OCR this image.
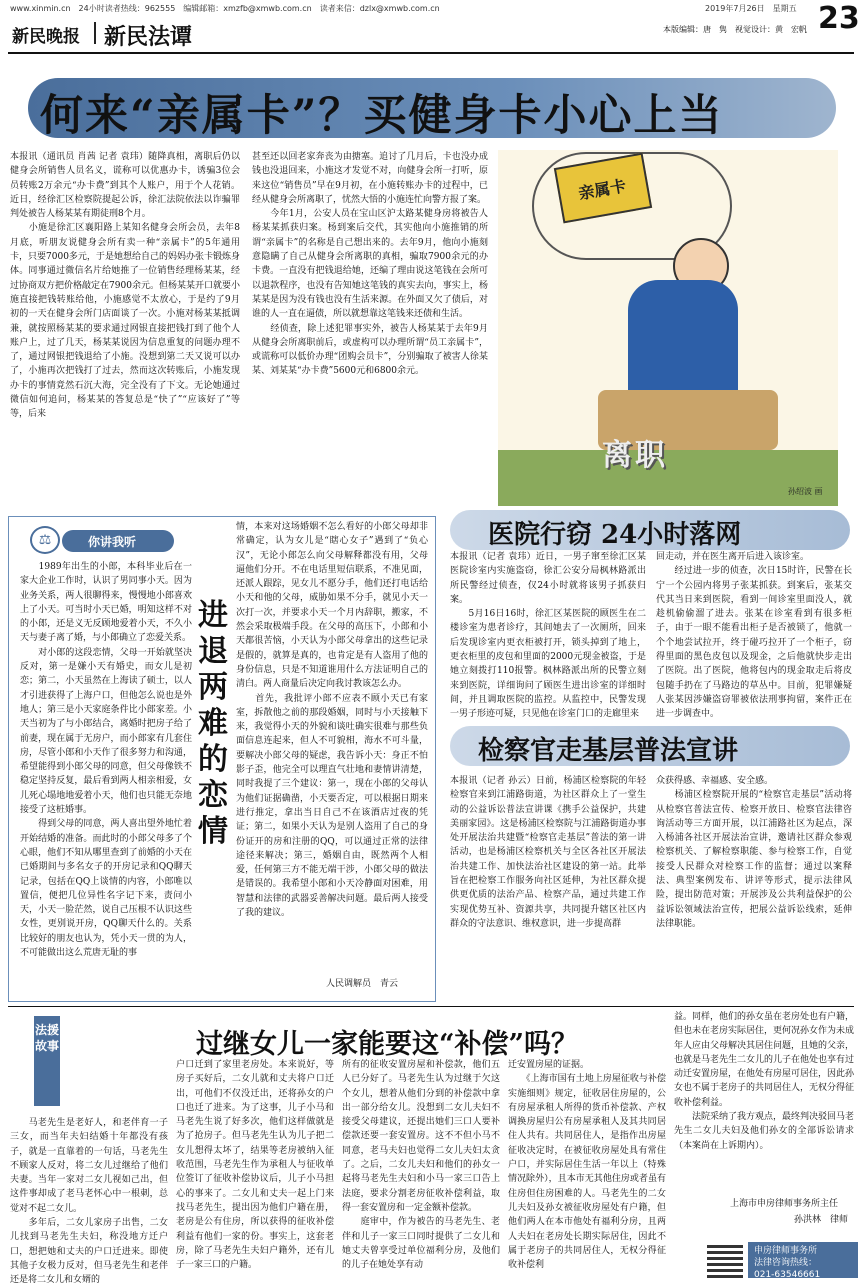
www.xinmin.cn　24小时读者热线：962555　编辑邮箱：xmzfb@xmwb.com.cn　读者来信：dzlx@xmwb.com.cn	2019年7月26日　星期五 23
新民晚报 新民法谭	本版编辑：唐　隽　视觉设计：黄　宏帆
何来“亲属卡”？买健身卡小心上当
本报讯（通讯员 肖茜 记者 袁玮）随降真相，离职后仍以健身会所销售人员名义，谎称可以优惠办卡，诱骗3位会员转账2万余元“办卡费”到其个人账户，用于个人花销。近日，经徐汇区检察院提起公诉，徐汇法院依法以诈骗罪判处被告人杨某某有期徒刑8个月。
　　小施是徐汇区襄阳路上某知名健身会所会员，去年8月底，听朋友说健身会所有卖一种“亲属卡”的5年通用卡，只要7000多元，于是她想给自己的妈妈办张卡锻炼身体。同事通过微信名片给她推了一位销售经理杨某某，经过协商双方把价格敲定在7900余元。但杨某某开口就要小施直接把钱转账给他，小施感觉不太放心，于是约了9月初的一天在健身会所门店面谈了一次。小施对杨某某抵调兼，就按照杨某某的要求通过网银直接把钱打到了他个人账户上，过了几天，杨某某说因为信息重复的问题办理不了，通过网银把钱退给了小施。没想到第二天又说可以办了，小施再次把钱打了过去，然而这次转账后，小施发现办卡的事情竟然石沉大海，完全没有了下文。无论她通过微信如何追问，杨某某的答复总是“快了”“应该好了”等等，后来
甚至还以回老家奔丧为由搪塞。追讨了几月后，卡也没办成钱也没退回来，小施这才发觉不对，向健身会所一打听，原来这位“销售员”早在9月初，在小施转账办卡的过程中，已经从健身会所离职了，忧然大悟的小施连忙向警方报了案。
　　今年1月，公安人员在宝山区沪太路某健身房将被告人杨某某抓获归案。杨到案后交代，其实他向小施推销的所谓“亲属卡”的名称是自己想出来的。去年9月，他向小施刻意隐瞒了自己从健身会所离职的真相，骗取7900余元的办卡费。一直没有把钱退给她，还编了理由说这笔钱在会所可以退款程序，也没有告知她这笔钱的真实去向，事实上，杨某某是因为没有钱也没有生活来源。在外面又欠了债后，对谁的人一直在逼债，所以就想靠这笔钱来还债和生活。
　　经侦查，除上述犯罪事实外，被告人杨某某于去年9月从健身会所离职前后，或虚构可以办理所谓“员工亲属卡”，或谎称可以低价办理“团购会员卡”，分别骗取了被害人徐某某、刘某某“办卡费”5600元和6800余元。
亲属卡
离职
孙绍波 画
你讲我听
⚖
　　1989年出生的小郎，本科毕业后在一家大企业工作时，认识了男同事小天。因为业务关系，两人很聊得来，慢慢地小郎喜欢上了小天。可当时小天已婚，明知这样不对的小郎，还是义无反顾地爱着小天，不久小天与妻子离了婚，与小郎确立了恋爱关系。
　　对小郎的这段恋情，父母一开始就坚决反对，第一是嫌小天有婚史，而女儿是初恋；第二，小天虽然在上海读了硕士，以人才引进获得了上海户口，但他怎么说也是外地人；第三是小天家庭条件比小郎家差。小天当初为了与小郎结合，离婚时把房子给了前妻，现在属于无房户，而小郎家有几套住房，尽管小郎和小天作了很多努力和沟通，希望能得到小郎父母的同意，但父母像铁不稳定坚持反复，最后看到两人相亲相爱，女儿死心塌地地爱着小天，他们也只能无奈地接受了这桩婚事。
　　得到父母的同意，两人喜出望外地忙着开始结婚的准备。而此时的小郎父母多了个心眼，他们不知从哪里查到了前婚的小天在已婚期间与多名女子的开房记录和QQ聊天记录，包括在QQ上谈情的内容，小郎唯以置信，便把几位异性名字记下来，责问小天，小天一脸茫然，说自己压根不认识这些女性，更别说开房，QQ聊天什么的。关系比较好的朋友也认为，凭小天一贯的为人，不可能做出这么荒唐无耻的事
进退两难的恋情
情，本来对这场婚姻不怎么看好的小郎父母却非常确定，认为女儿是“瞎心女子”遇到了“负心汉”，无论小郎怎么向父母解释都没有用，父母逼他们分开。不在电话里短信联系，不准见面，还派人跟踪，见女儿不愿分手，他们还打电话给小天和他的父母，威胁如果不分手，就见小天一次打一次，并要求小天一个月内辞职，搬家，不然会采取极端手段。在父母的高压下，小郎和小天都很苦恼，小天认为小郎父母拿出的这些记录是假的，就算是真的，也肯定是有人盗用了他的身份信息，只是不知道谁用什么方法证明自己的清白。两人商量后决定向我讨教该怎么办。
　　首先，我批评小郎不应表不顾小天已有家室，拆散他之前的那段婚姻，同时与小天接触下来，我觉得小天的外貌和谈吐确实很难与那些负面信息连起来，但人不可貌相，海水不可斗量，要解决小郎父母的疑虑，我告诉小天：身正不怕影子歪，他完全可以理直气壮地和妻情讲清楚，同时我提了三个建议：第一，现在小郎的父母认为他们证据确凿，小天要否定，可以根据日期来进行推定，拿出当日自己不在该酒店过夜的凭证；第二，如果小天认为是别人盗用了自己的身份证开的房和注册的QQ，可以通过正常的法律途径来解决；第三，婚姻自由，既然两个人相爱，任何第三方不能无端干涉，小郎父母的做法是错误的。我希望小郎和小天冷静面对困难，用智慧和法律的武器妥善解决问题。最后两人接受了我的建议。
人民调解员　青云
医院行窃 24小时落网
本报讯（记者 袁玮）近日，一男子窜至徐汇区某医院诊室内实施盗窃，徐汇公安分局枫林路派出所民警经过侦查，仅24小时就将该男子抓获归案。
　　5月16日16时，徐汇区某医院的顾医生在二楼诊室为患者诊疗，其间她去了一次厕所，回来后发现诊室内更衣柜被打开，锁头掉到了地上，更衣柜里的皮包和里面的2000元现金被盗，于是她立刻拨打110报警。枫林路派出所的民警立刻来到医院，详细询问了顾医生进出诊室的详细时间，并且调取医院的监控。从监控中，民警发现一男子形迹可疑，只见他在诊室门口的走廊里来
回走动，并在医生离开后进入该诊室。
　　经过进一步的侦查，次日15时许，民警在长宁一个公园内将男子张某抓获。到案后，张某交代其当日来到医院，看到一间诊室里面没人，就趁机偷偷溜了进去。张某在诊室看到有很多柜子，由于一眼不能看出柜子是否被锁了，他就一个个地尝试拉开，终于碰巧拉开了一个柜子，窃得里面的黑色皮包以及现金，之后他就快步走出了医院。出了医院，他将包内的现金取走后将皮包随手扔在了马路边的草丛中。目前，犯罪嫌疑人张某因涉嫌盗窃罪被依法刑事拘留，案件正在进一步调查中。
检察官走基层普法宣讲
本报讯（记者 孙云）日前，杨浦区检察院的年轻检察官来到江浦路街道，为社区群众上了一堂生动的公益诉讼普法宣讲课《携手公益保护，共建美丽家园》。这是杨浦区检察院与江浦路街道办事处开展法治共建暨“检察官走基层”普法的第一讲活动，也是杨浦区检察机关与全区各社区开展法治共建工作、加快法治社区建设的第一站。此举旨在把检察工作服务向社区延伸，为社区群众提供更优质的法治产品、检察产品，通过共建工作实现优势互补、资源共享，共同提升辖区社区内群众的守法意识、维权意识，进一步提高群
众获得感、幸福感、安全感。
　　杨浦区检察院开展的“检察官走基层”活动将从检察官普法宣传、检察开放日、检察官法律咨询活动等三方面开展，以江浦路社区为起点，深入杨浦各社区开展法治宣讲，邀请社区群众参观检察机关、了解检察职能、参与检察工作，自觉接受人民群众对检察工作的监督；通过以案释法、典型案例发布、讲评等形式，提示法律风险，提出防范对策；开展涉及公共利益保护的公益诉讼领域法治宣传，把展公益诉讼线索，延伸法律职能。
法援故事	过继女儿一家能要这“补偿”吗？
　　马老先生是老好人，和老伴育一子三女，而当年夫妇结婚十年都没有孩子，就是一直靠着的一句话，马老先生不顾家人反对，将二女儿过继给了他们夫妻。当年一家对二女儿视如己出，但这件事却成了老马老怀心中一根刺，总觉对不起二女儿。
　　多年后，二女儿家房子出售，二女儿找到马老先生夫妇，称没地方迁户口，想把她和丈夫的户口迁进来。即使其他子女极力反对，但马老先生和老伴还是将二女儿和女婿的
户口迁到了家里老房处。本来说好，等房子买好后，二女儿就和丈夫将户口迁出，可他们不仅没迁出，还将孙女的户口也迁了进来。为了这事，儿子小马和马老先生说了好多次，他们这样做就是为了抢房子。但马老先生认为儿子把二女儿想得太坏了，结果等老房被纳入征收范围，马老先生作为承租人与征收单位签订了征收补偿协议后，儿子小马担心的事来了。二女儿和丈夫一起上门来找马老先生，提出因为他们户籍在册，老房是公有住房，所以获得的征收补偿利益有他们一家的份。事实上，这套老房，除了马老先生夫妇户籍外，还有儿子一家三口的户籍。
所有的征收安置房屋和补偿款，他们五人已分好了。马老先生认为过继于欠这个女儿，想着从他们分到的补偿款中拿出一部分给女儿。没想到二女儿夫妇不接受父母建议，还提出她们三口人要补偿款还要一套安置房。这不不但小马不同意，老马夫妇也觉得二女儿夫妇太贪了。之后，二女儿夫妇和他们的孙女一起将马老先生夫妇和小马一家三口告上法庭，要求分割老房征收补偿利益，取得一套安置房和一定金额补偿款。
　　庭审中，作为被告的马老先生、老伴和儿子一家三口同时提供了二女儿和她丈夫曾享受过单位福利分房，及他们的儿子在她处享有动
迁安置房屋的证据。
　　《上海市国有土地上房屋征收与补偿实施细则》规定，征收居住房屋的，公有房屋承租人所得的货币补偿款、产权调换房屋归公有房屋承租人及其共同居住人共有。共同居住人，是指作出房屋征收决定时，在被征收房屋处具有常住户口，并实际居住生活一年以上（特殊情况除外），且本市无其他住房或者虽有住房但住房困难的人。马老先生的二女儿夫妇及孙女被征收房屋处有户籍，但他们两人在本市他处有福利分房，且两人夫妇在老房处长期实际居住，因此不属于老房子的共同居住人，无权分得征收补偿利
益。同样，他们的孙女虽在老房处也有户籍，但也未在老房实际居住，更何况孙女作为未成年人应由父母解决其居住问题，且她的父亲，也就是马老先生二女儿的儿子在他处也享有过动迁安置房屋，在他处有房屋可居住，因此孙女也不属于老房子的共同居住人，无权分得征收补偿利益。
　　法院采纳了我方观点，最终判决驳回马老先生二女儿夫妇及他们孙女的全部诉讼请求（本案尚在上诉期内）。
上海市申房律师事务所主任
孙洪林　律师
申房律师事务所
法律咨询热线：
021-63546661
